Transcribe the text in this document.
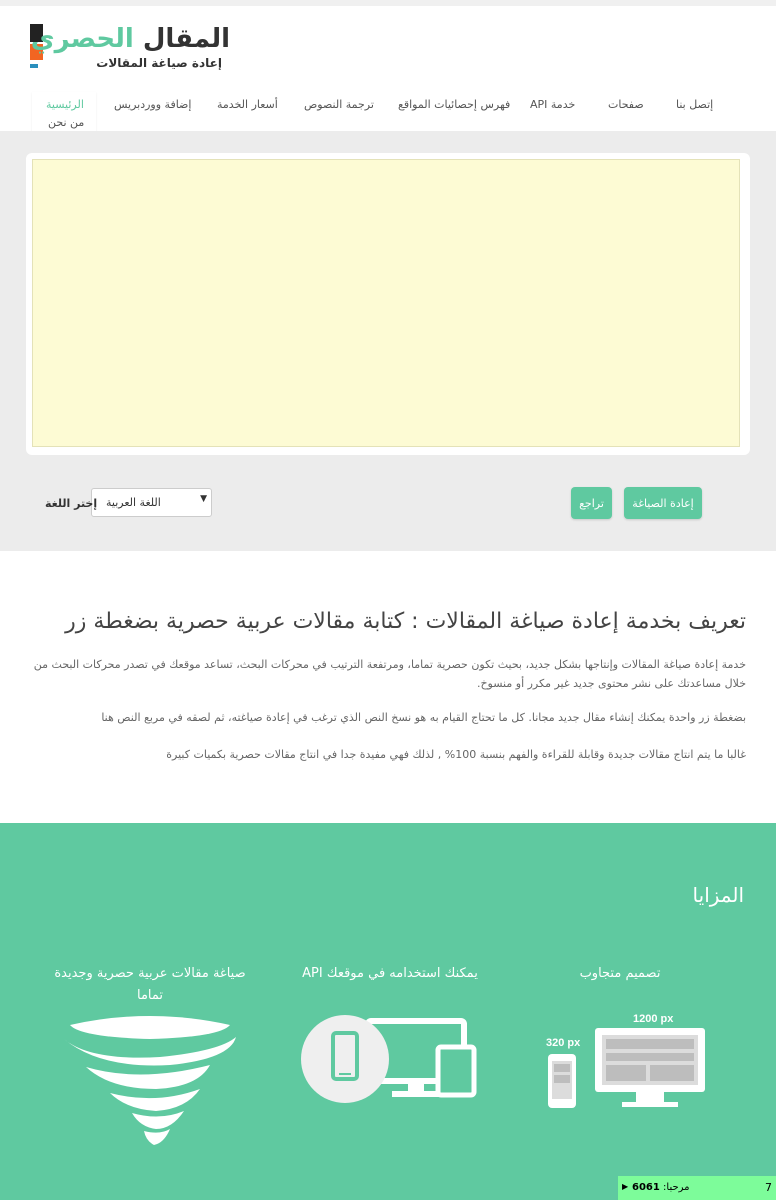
المقال الحصري
إعادة صياغة المقالات
الرئيسية
من نحن
إتصل بنا
صفحات
خدمة API
فهرس إحصائيات المواقع
ترجمة النصوص
أسعار الخدمة
إضافة ووردبريس
إعادة الصياغة
تراجع
اللغة العربية	▼
إختر اللغة
تعريف بخدمة إعادة صياغة المقالات : كتابة مقالات عربية حصرية بضغطة زر

خدمة إعادة صياغة المقالات وإنتاجها بشكل جديد، بحيث تكون حصرية تماما، ومرتفعة الترتيب في محركات البحث، تساعد موقعك في تصدر محركات البحث من خلال مساعدتك على نشر محتوى جديد غير مكرر أو منسوخ.

بضغطة زر واحدة يمكنك إنشاء مقال جديد مجانا. كل ما تحتاج القيام به هو نسخ النص الذي ترغب في إعادة صياغته، ثم لصقه في مربع النص هنا

غالبا ما يتم انتاج مقالات جديدة وقابلة للقراءة والفهم بنسبة 100% , لذلك فهي مفيدة جدا في انتاج مقالات حصرية بكميات كبيرة

المزايا
تصميم متجاوب
يمكنك استخدامه في موقعك API
صياغة مقالات عربية حصرية وجديدة تماما
1200 px
320 px
▶ 6061 :مرحبا	7
